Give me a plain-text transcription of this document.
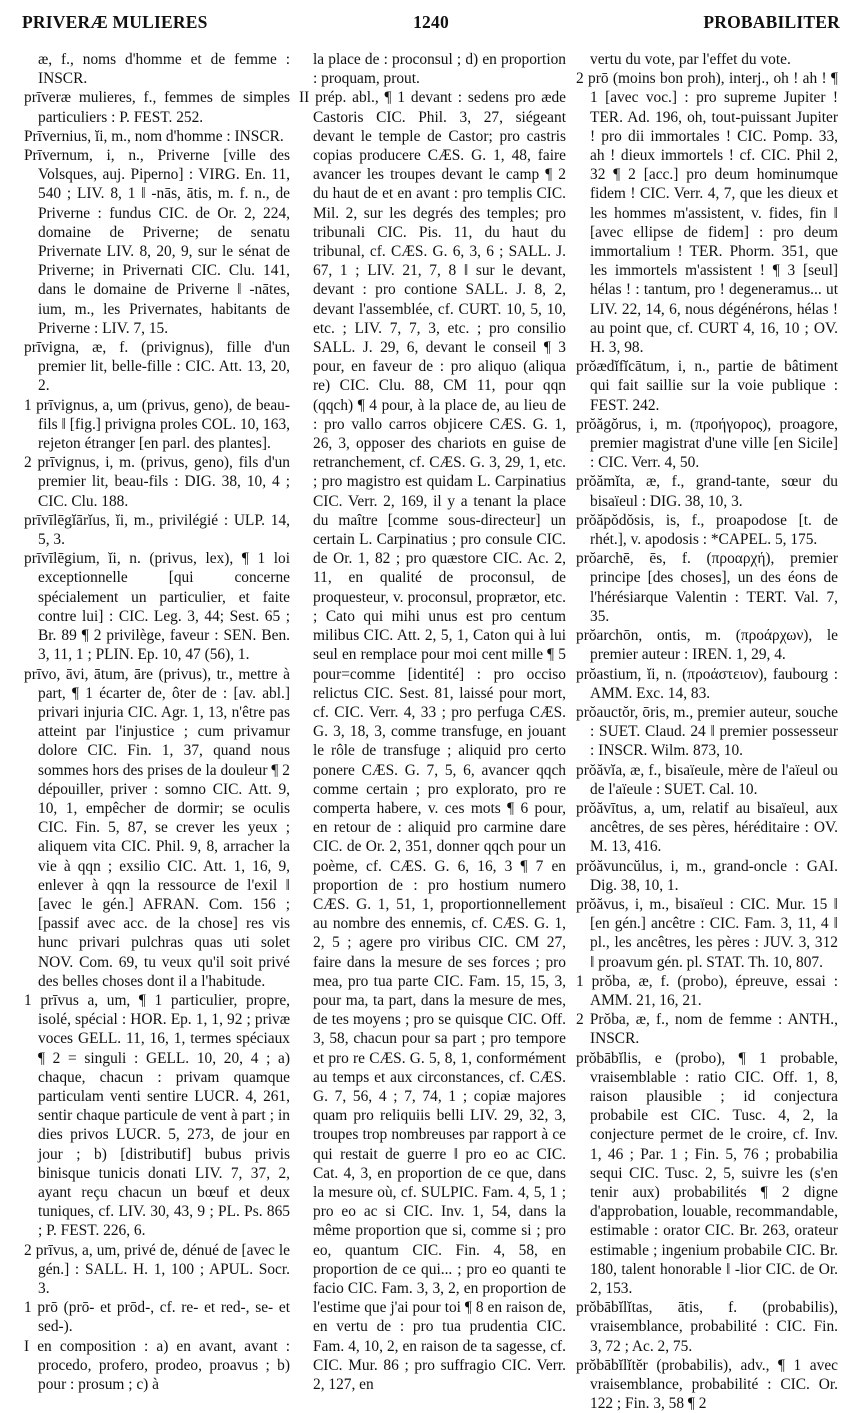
PRIVERÆ MULIERES	1240	PROBABILITER

æ, f., noms d'homme et de femme : INSCR.

prīveræ mulieres, f., femmes de simples particuliers : P. FEST. 252.

Prīvernius, ĭi, m., nom d'homme : INSCR.

Prīvernum, i, n., Priverne [ville des Volsques, auj. Piperno] : VIRG. En. 11, 540 ; LIV. 8, 1 ‖ -nās, ātis, m. f. n., de Priverne : fundus CIC. de Or. 2, 224, domaine de Priverne; de senatu Privernate LIV. 8, 20, 9, sur le sénat de Priverne; in Privernati CIC. Clu. 141, dans le domaine de Priverne ‖ -nātes, ium, m., les Privernates, habitants de Priverne : LIV. 7, 15.

prīvigna, æ, f. (privignus), fille d'un premier lit, belle-fille : CIC. Att. 13, 20, 2.

1 prīvignus, a, um (privus, geno), de beau-fils ‖ [fig.] privigna proles COL. 10, 163, rejeton étranger [en parl. des plantes].

2 prīvignus, i, m. (privus, geno), fils d'un premier lit, beau-fils : DIG. 38, 10, 4 ; CIC. Clu. 188.

prīvīlēgĭārĭus, ĭi, m., privilégié : ULP. 14, 5, 3.

prīvīlēgium, ĭi, n. (privus, lex), ¶ 1 loi exceptionnelle [qui concerne spécialement un particulier, et faite contre lui] : CIC. Leg. 3, 44; Sest. 65 ; Br. 89 ¶ 2 privilège, faveur : SEN. Ben. 3, 11, 1 ; PLIN. Ep. 10, 47 (56), 1.

prīvo, āvi, ātum, āre (privus), tr., mettre à part, ¶ 1 écarter de, ôter de : [av. abl.] privari injuria CIC. Agr. 1, 13, n'être pas atteint par l'injustice ; cum privamur dolore CIC. Fin. 1, 37, quand nous sommes hors des prises de la douleur ¶ 2 dépouiller, priver : somno CIC. Att. 9, 10, 1, empêcher de dormir; se oculis CIC. Fin. 5, 87, se crever les yeux ; aliquem vita CIC. Phil. 9, 8, arracher la vie à qqn ; exsilio CIC. Att. 1, 16, 9, enlever à qqn la ressource de l'exil ‖ [avec le gén.] AFRAN. Com. 156 ; [passif avec acc. de la chose] res vis hunc privari pulchras quas uti solet NOV. Com. 69, tu veux qu'il soit privé des belles choses dont il a l'habitude.

1 prīvus a, um, ¶ 1 particulier, propre, isolé, spécial : HOR. Ep. 1, 1, 92 ; privæ voces GELL. 11, 16, 1, termes spéciaux ¶ 2 = singuli : GELL. 10, 20, 4 ; a) chaque, chacun : privam quamque particulam venti sentire LUCR. 4, 261, sentir chaque particule de vent à part ; in dies privos LUCR. 5, 273, de jour en jour ; b) [distributif] bubus privis binisque tunicis donati LIV. 7, 37, 2, ayant reçu chacun un bœuf et deux tuniques, cf. LIV. 30, 43, 9 ; PL. Ps. 865 ; P. FEST. 226, 6.

2 prīvus, a, um, privé de, dénué de [avec le gén.] : SALL. H. 1, 100 ; APUL. Socr. 3.

1 prō (prō- et prōd-, cf. re- et red-, se- et sed-).

I en composition : a) en avant, avant : procedo, profero, prodeo, proavus ; b) pour : prosum ; c) à

la place de : proconsul ; d) en proportion : proquam, prout.

II prép. abl., ¶ 1 devant : sedens pro æde Castoris CIC. Phil. 3, 27, siégeant devant le temple de Castor; pro castris copias producere CÆS. G. 1, 48, faire avancer les troupes devant le camp ¶ 2 du haut de et en avant : pro templis CIC. Mil. 2, sur les degrés des temples; pro tribunali CIC. Pis. 11, du haut du tribunal, cf. CÆS. G. 6, 3, 6 ; SALL. J. 67, 1 ; LIV. 21, 7, 8 ‖ sur le devant, devant : pro contione SALL. J. 8, 2, devant l'assemblée, cf. CURT. 10, 5, 10, etc. ; LIV. 7, 7, 3, etc. ; pro consilio SALL. J. 29, 6, devant le conseil ¶ 3 pour, en faveur de : pro aliquo (aliqua re) CIC. Clu. 88, CM 11, pour qqn (qqch) ¶ 4 pour, à la place de, au lieu de : pro vallo carros objicere CÆS. G. 1, 26, 3, opposer des chariots en guise de retranchement, cf. CÆS. G. 3, 29, 1, etc. ; pro magistro est quidam L. Carpinatius CIC. Verr. 2, 169, il y a tenant la place du maître [comme sous-directeur] un certain L. Carpinatius ; pro consule CIC. de Or. 1, 82 ; pro quæstore CIC. Ac. 2, 11, en qualité de proconsul, de proquesteur, v. proconsul, proprætor, etc. ; Cato qui mihi unus est pro centum milibus CIC. Att. 2, 5, 1, Caton qui à lui seul en remplace pour moi cent mille ¶ 5 pour=comme [identité] : pro occiso relictus CIC. Sest. 81, laissé pour mort, cf. CIC. Verr. 4, 33 ; pro perfuga CÆS. G. 3, 18, 3, comme transfuge, en jouant le rôle de transfuge ; aliquid pro certo ponere CÆS. G. 7, 5, 6, avancer qqch comme certain ; pro explorato, pro re comperta habere, v. ces mots ¶ 6 pour, en retour de : aliquid pro carmine dare CIC. de Or. 2, 351, donner qqch pour un poème, cf. CÆS. G. 6, 16, 3 ¶ 7 en proportion de : pro hostium numero CÆS. G. 1, 51, 1, proportionnellement au nombre des ennemis, cf. CÆS. G. 1, 2, 5 ; agere pro viribus CIC. CM 27, faire dans la mesure de ses forces ; pro mea, pro tua parte CIC. Fam. 15, 15, 3, pour ma, ta part, dans la mesure de mes, de tes moyens ; pro se quisque CIC. Off. 3, 58, chacun pour sa part ; pro tempore et pro re CÆS. G. 5, 8, 1, conformément au temps et aux circonstances, cf. CÆS. G. 7, 56, 4 ; 7, 74, 1 ; copiæ majores quam pro reliquiis belli LIV. 29, 32, 3, troupes trop nombreuses par rapport à ce qui restait de guerre ‖ pro eo ac CIC. Cat. 4, 3, en proportion de ce que, dans la mesure où, cf. SULPIC. Fam. 4, 5, 1 ; pro eo ac si CIC. Inv. 1, 54, dans la même proportion que si, comme si ; pro eo, quantum CIC. Fin. 4, 58, en proportion de ce qui... ; pro eo quanti te facio CIC. Fam. 3, 3, 2, en proportion de l'estime que j'ai pour toi ¶ 8 en raison de, en vertu de : pro tua prudentia CIC. Fam. 4, 10, 2, en raison de ta sagesse, cf. CIC. Mur. 86 ; pro suffragio CIC. Verr. 2, 127, en

vertu du vote, par l'effet du vote.

2 prō (moins bon proh), interj., oh ! ah ! ¶ 1 [avec voc.] : pro supreme Jupiter ! TER. Ad. 196, oh, tout-puissant Jupiter ! pro dii immortales ! CIC. Pomp. 33, ah ! dieux immortels ! cf. CIC. Phil 2, 32 ¶ 2 [acc.] pro deum hominumque fidem ! CIC. Verr. 4, 7, que les dieux et les hommes m'assistent, v. fides, fin ‖ [avec ellipse de fidem] : pro deum immortalium ! TER. Phorm. 351, que les immortels m'assistent ! ¶ 3 [seul] hélas ! : tantum, pro ! degeneramus... ut LIV. 22, 14, 6, nous dégénérons, hélas ! au point que, cf. CURT 4, 16, 10 ; OV. H. 3, 98.

prŏædĭfĭcātum, i, n., partie de bâtiment qui fait saillie sur la voie publique : FEST. 242.

prŏăgŏrus, i, m. (προήγορος), proagore, premier magistrat d'une ville [en Sicile] : CIC. Verr. 4, 50.

prŏămĭta, æ, f., grand-tante, sœur du bisaïeul : DIG. 38, 10, 3.

prŏăpŏdŏsis, is, f., proapodose [t. de rhét.], v. apodosis : *CAPEL. 5, 175.

prŏarchē, ēs, f. (προαρχή), premier principe [des choses], un des éons de l'hérésiarque Valentin : TERT. Val. 7, 35.

prŏarchōn, ontis, m. (προάρχων), le premier auteur : IREN. 1, 29, 4.

prŏastium, ĭi, n. (προάστειον), faubourg : AMM. Exc. 14, 83.

prŏauctŏr, ōris, m., premier auteur, souche : SUET. Claud. 24 ‖ premier possesseur : INSCR. Wilm. 873, 10.

prŏăvĭa, æ, f., bisaïeule, mère de l'aïeul ou de l'aïeule : SUET. Cal. 10.

prŏăvītus, a, um, relatif au bisaïeul, aux ancêtres, de ses pères, héréditaire : OV. M. 13, 416.

prŏăvuncŭlus, i, m., grand-oncle : GAI. Dig. 38, 10, 1.

prŏăvus, i, m., bisaïeul : CIC. Mur. 15 ‖ [en gén.] ancêtre : CIC. Fam. 3, 11, 4 ‖ pl., les ancêtres, les pères : JUV. 3, 312 ‖ proavum gén. pl. STAT. Th. 10, 807.

1 prŏba, æ, f. (probo), épreuve, essai : AMM. 21, 16, 21.

2 Prŏba, æ, f., nom de femme : ANTH., INSCR.

prŏbābĭlis, e (probo), ¶ 1 probable, vraisemblable : ratio CIC. Off. 1, 8, raison plausible ; id conjectura probabile est CIC. Tusc. 4, 2, la conjecture permet de le croire, cf. Inv. 1, 46 ; Par. 1 ; Fin. 5, 76 ; probabilia sequi CIC. Tusc. 2, 5, suivre les (s'en tenir aux) probabilités ¶ 2 digne d'approbation, louable, recommandable, estimable : orator CIC. Br. 263, orateur estimable ; ingenium probabile CIC. Br. 180, talent honorable ‖ -lior CIC. de Or. 2, 153.

prŏbābĭlĭtas, ātis, f. (probabilis), vraisemblance, probabilité : CIC. Fin. 3, 72 ; Ac. 2, 75.

prŏbābĭlĭtĕr (probabilis), adv., ¶ 1 avec vraisemblance, probabilité : CIC. Or. 122 ; Fin. 3, 58 ¶ 2
